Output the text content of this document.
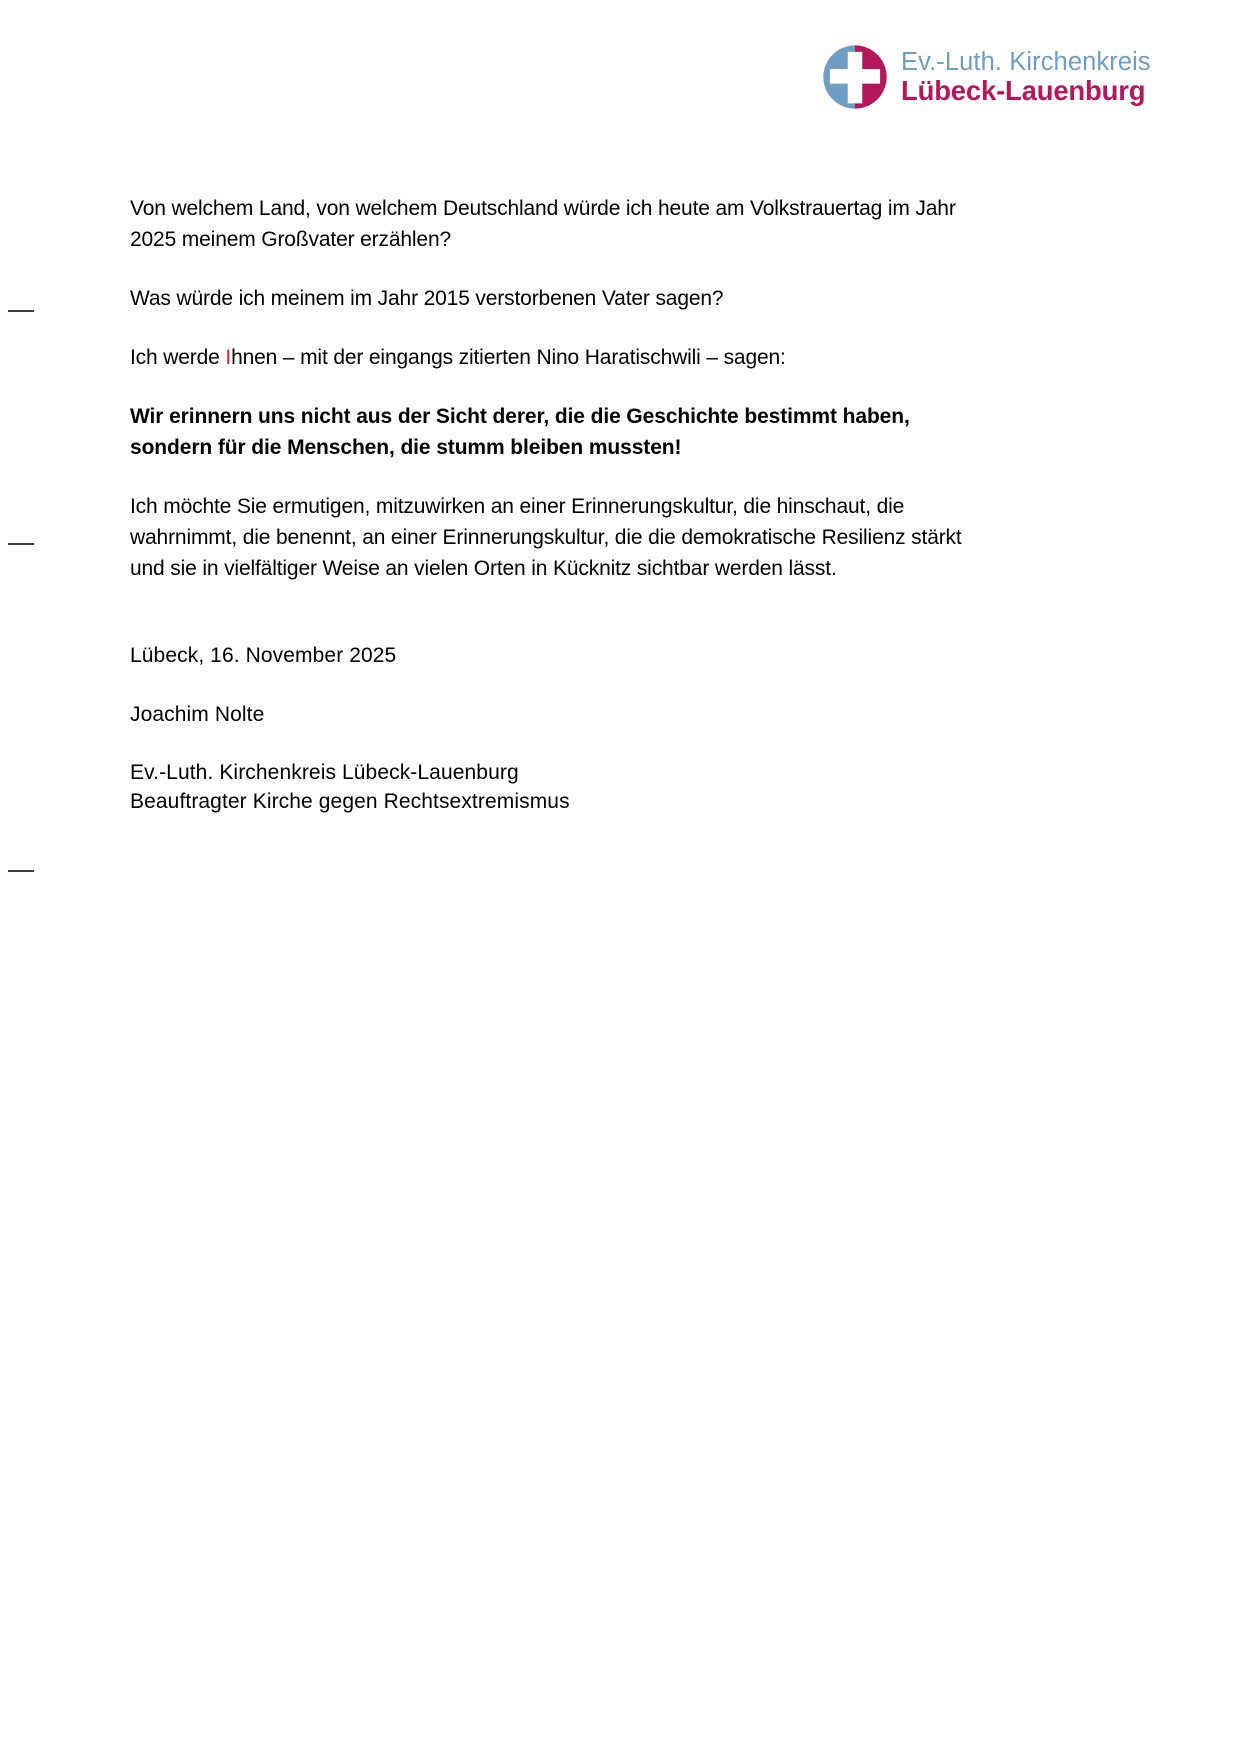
Ev.-Luth. Kirchenkreis
Lübeck-Lauenburg

Von welchem Land, von welchem Deutschland würde ich heute am Volkstrauertag im Jahr 2025 meinem Großvater erzählen?

Was würde ich meinem im Jahr 2015 verstorbenen Vater sagen?

Ich werde Ihnen – mit der eingangs zitierten Nino Haratischwili – sagen:

Wir erinnern uns nicht aus der Sicht derer, die die Geschichte bestimmt haben, sondern für die Menschen, die stumm bleiben mussten!

Ich möchte Sie ermutigen, mitzuwirken an einer Erinnerungskultur, die hinschaut, die wahrnimmt, die benennt, an einer Erinnerungskultur, die die demokratische Resilienz stärkt und sie in vielfältiger Weise an vielen Orten in Kücknitz sichtbar werden lässt.

Lübeck, 16. November 2025

Joachim Nolte

Ev.-Luth. Kirchenkreis Lübeck-Lauenburg

Beauftragter Kirche gegen Rechtsextremismus
